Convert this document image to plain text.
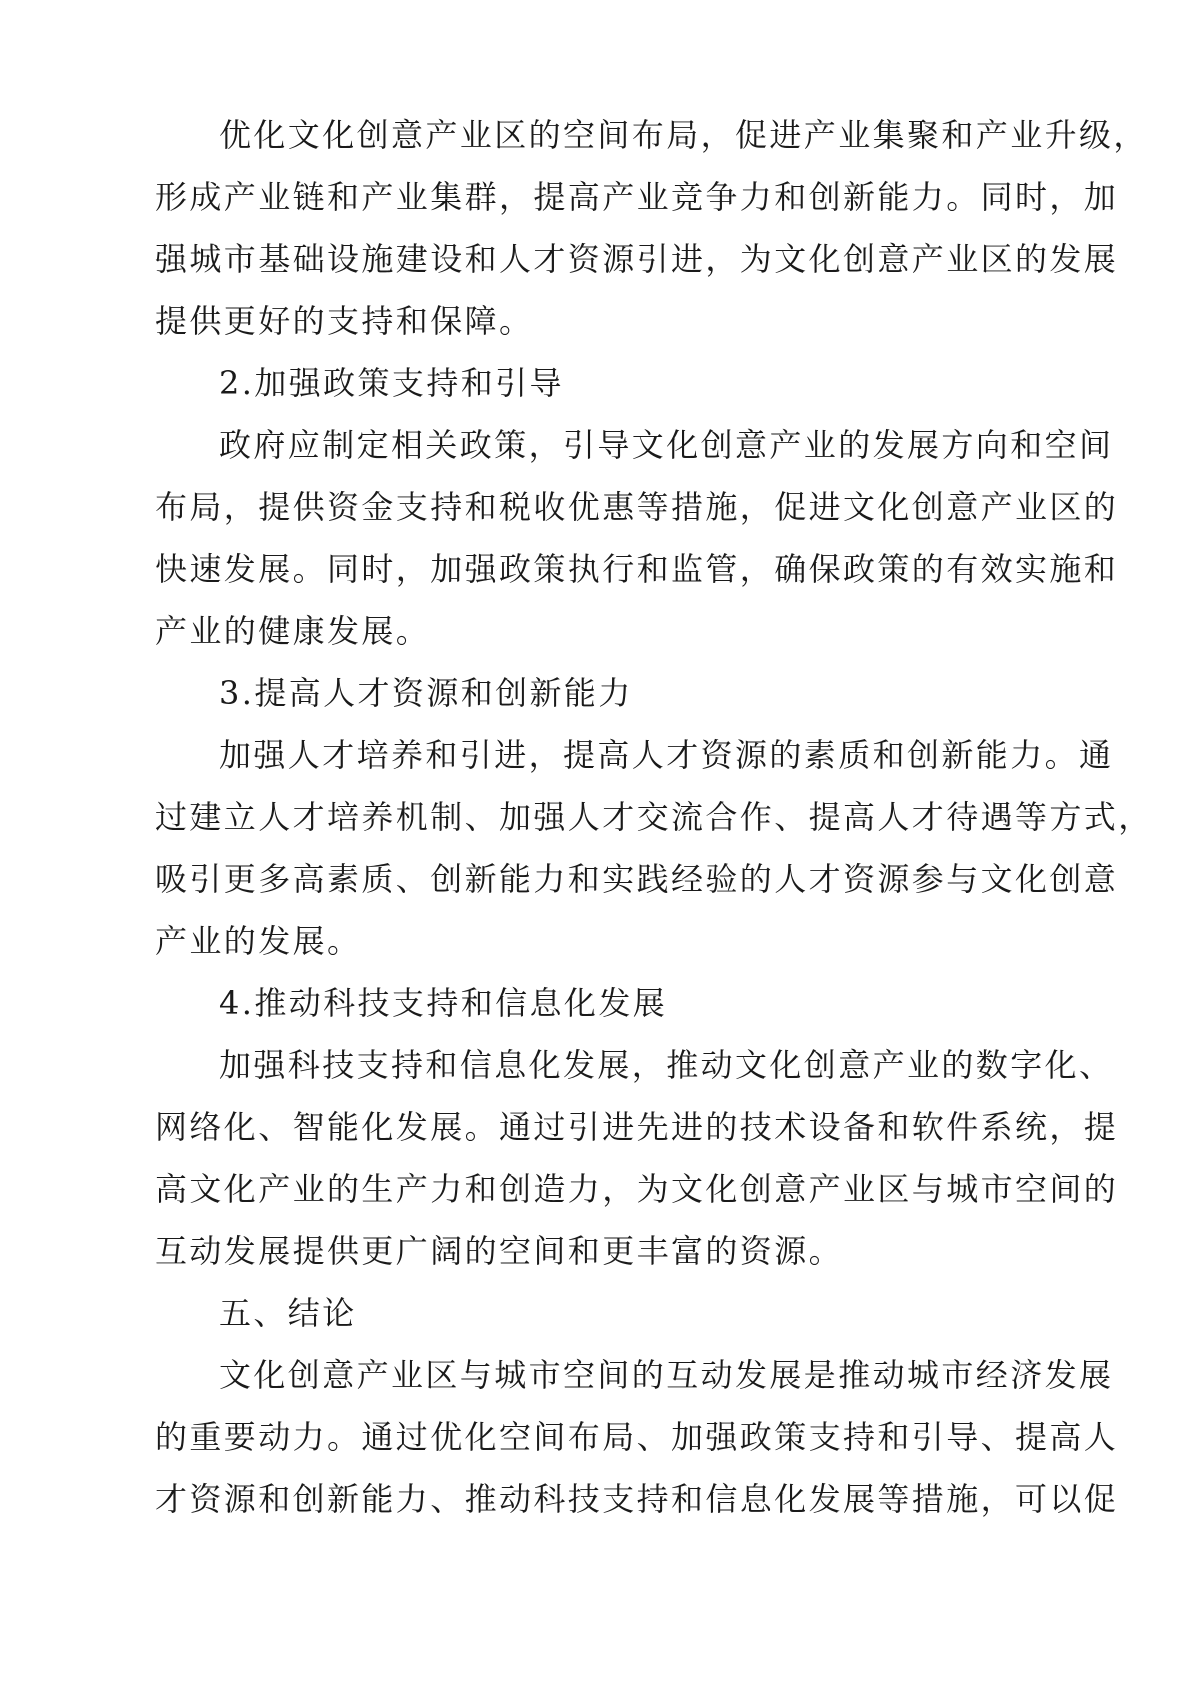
优化文化创意产业区的空间布局，促进产业集聚和产业升级，
形成产业链和产业集群，提高产业竞争力和创新能力。同时，加
强城市基础设施建设和人才资源引进，为文化创意产业区的发展
提供更好的支持和保障。
2.加强政策支持和引导
政府应制定相关政策，引导文化创意产业的发展方向和空间
布局，提供资金支持和税收优惠等措施，促进文化创意产业区的
快速发展。同时，加强政策执行和监管，确保政策的有效实施和
产业的健康发展。
3.提高人才资源和创新能力
加强人才培养和引进，提高人才资源的素质和创新能力。通
过建立人才培养机制、加强人才交流合作、提高人才待遇等方式，
吸引更多高素质、创新能力和实践经验的人才资源参与文化创意
产业的发展。
4.推动科技支持和信息化发展
加强科技支持和信息化发展，推动文化创意产业的数字化、
网络化、智能化发展。通过引进先进的技术设备和软件系统，提
高文化产业的生产力和创造力，为文化创意产业区与城市空间的
互动发展提供更广阔的空间和更丰富的资源。
五、结论
文化创意产业区与城市空间的互动发展是推动城市经济发展
的重要动力。通过优化空间布局、加强政策支持和引导、提高人
才资源和创新能力、推动科技支持和信息化发展等措施，可以促
